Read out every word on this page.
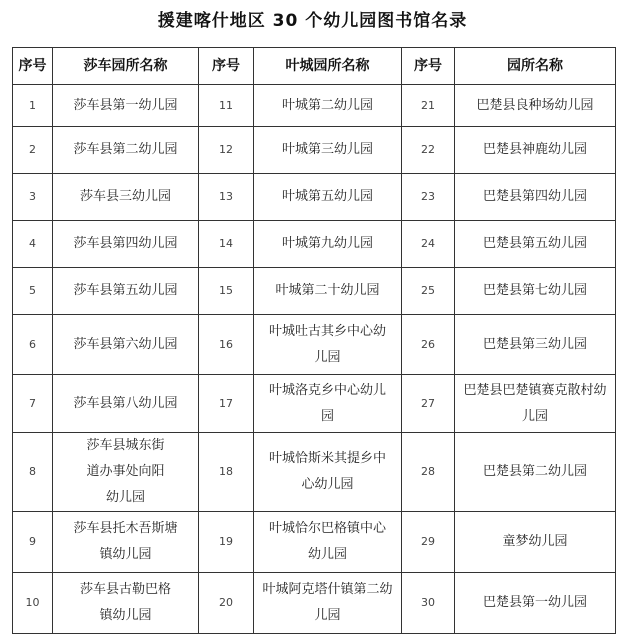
援建喀什地区 30 个幼儿园图书馆名录
序号	莎车园所名称	序号	叶城园所名称	序号	园所名称
1	莎车县第一幼儿园	11	叶城第二幼儿园	21	巴楚县良种场幼儿园
2	莎车县第二幼儿园	12	叶城第三幼儿园	22	巴楚县神鹿幼儿园
3	莎车县三幼儿园	13	叶城第五幼儿园	23	巴楚县第四幼儿园
4	莎车县第四幼儿园	14	叶城第九幼儿园	24	巴楚县第五幼儿园
5	莎车县第五幼儿园	15	叶城第二十幼儿园	25	巴楚县第七幼儿园
6	莎车县第六幼儿园	16	叶城吐古其乡中心幼儿园	26	巴楚县第三幼儿园
7	莎车县第八幼儿园	17	叶城洛克乡中心幼儿园	27	巴楚县巴楚镇赛克散村幼儿园
8	莎车县城东街道办事处向阳幼儿园	18	叶城恰斯米其提乡中心幼儿园	28	巴楚县第二幼儿园
9	莎车县托木吾斯塘镇幼儿园	19	叶城恰尔巴格镇中心幼儿园	29	童梦幼儿园
10	莎车县古勒巴格镇幼儿园	20	叶城阿克塔什镇第二幼儿园	30	巴楚县第一幼儿园
